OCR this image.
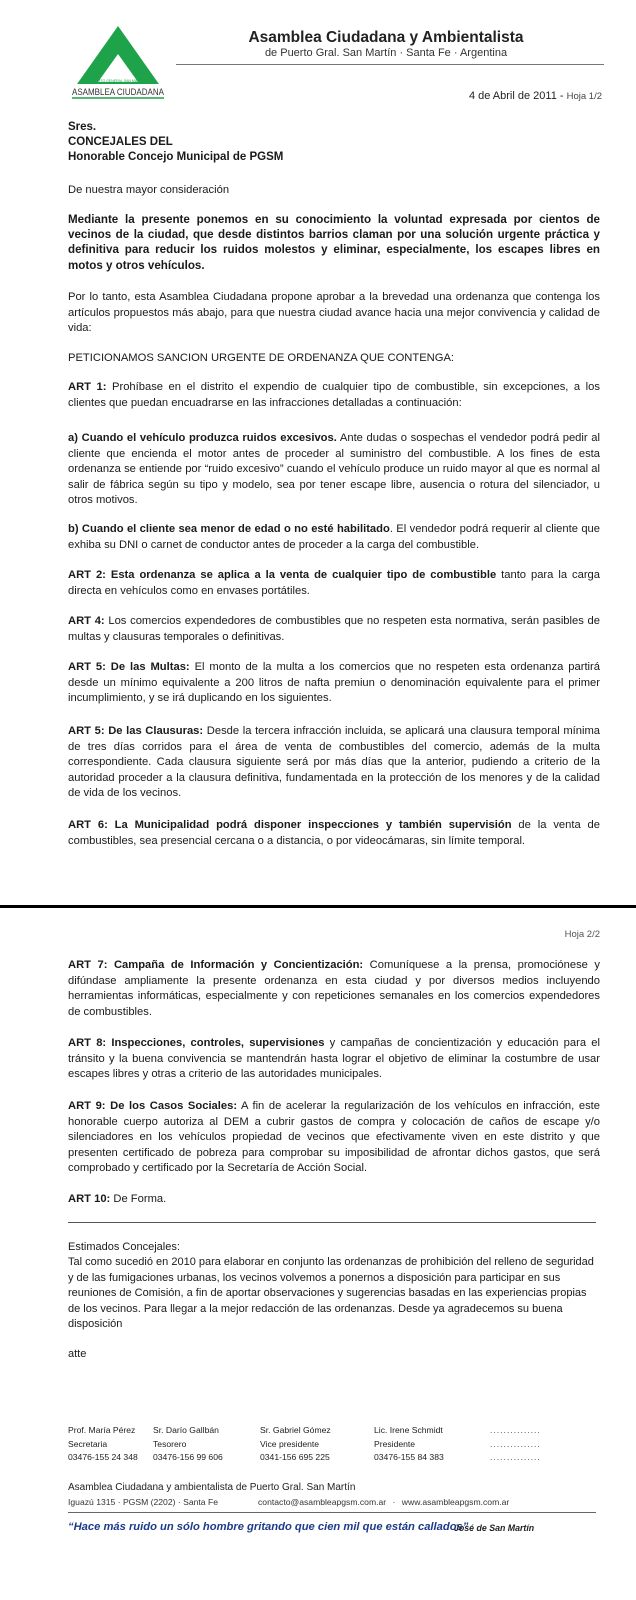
PUERTO GENERAL SAN MARTIN
ASAMBLEA CIUDADANA
Asamblea Ciudadana y Ambientalista
de Puerto Gral. San Martín · Santa Fe · Argentina
4 de Abril de 2011 - Hoja 1/2
Sres.
CONCEJALES DEL
Honorable Concejo Municipal de PGSM
De nuestra mayor consideración
Mediante la presente ponemos en su conocimiento la voluntad expresada por cientos de vecinos de la ciudad, que desde distintos barrios claman por una solución urgente práctica y definitiva para reducir los ruidos molestos y eliminar, especialmente, los escapes libres en motos y otros vehículos.
Por lo tanto, esta Asamblea Ciudadana propone aprobar a la brevedad una ordenanza que contenga los artículos propuestos más abajo, para que nuestra ciudad avance hacia una mejor convivencia y calidad de vida:
PETICIONAMOS SANCION URGENTE DE ORDENANZA QUE CONTENGA:
ART 1: Prohíbase en el distrito el expendio de cualquier tipo de combustible, sin excepciones, a los clientes que puedan encuadrarse en las infracciones detalladas a continuación:
a) Cuando el vehículo produzca ruidos excesivos. Ante dudas o sospechas el vendedor podrá pedir al cliente que encienda el motor antes de proceder al suministro del combustible. A los fines de esta ordenanza se entiende por “ruido excesivo” cuando el vehículo produce un ruido mayor al que es normal al salir de fábrica según su tipo y modelo, sea por tener escape libre, ausencia o rotura del silenciador, u otros motivos.
b) Cuando el cliente sea menor de edad o no esté habilitado. El vendedor podrá requerir al cliente que exhiba su DNI o carnet de conductor antes de proceder a la carga del combustible.
ART 2: Esta ordenanza se aplica a la venta de cualquier tipo de combustible tanto para la carga directa en vehículos como en envases portátiles.
ART 4: Los comercios expendedores de combustibles que no respeten esta normativa, serán pasibles de multas y clausuras temporales o definitivas.
ART 5: De las Multas: El monto de la multa a los comercios que no respeten esta ordenanza partirá desde un mínimo equivalente a 200 litros de nafta premiun o denominación equivalente para el primer incumplimiento, y se irá duplicando en los siguientes.
ART 5: De las Clausuras: Desde la tercera infracción incluida, se aplicará una clausura temporal mínima de tres días corridos para el área de venta de combustibles del comercio, además de la multa correspondiente. Cada clausura siguiente será por más días que la anterior, pudiendo a criterio de la autoridad proceder a la clausura definitiva, fundamentada en la protección de los menores y de la calidad de vida de los vecinos.
ART 6: La Municipalidad podrá disponer inspecciones y también supervisión de la venta de combustibles, sea presencial cercana o a distancia, o por videocámaras, sin límite temporal.
Hoja 2/2
ART 7: Campaña de Información y Concientización: Comuníquese a la prensa, promociónese y difúndase ampliamente la presente ordenanza en esta ciudad y por diversos medios incluyendo herramientas informáticas, especialmente y con repeticiones semanales en los comercios expendedores de combustibles.
ART 8: Inspecciones, controles, supervisiones y campañas de concientización y educación para el tránsito y la buena convivencia se mantendrán hasta lograr el objetivo de eliminar la costumbre de usar escapes libres y otras a criterio de las autoridades municipales.
ART 9: De los Casos Sociales: A fin de acelerar la regularización de los vehículos en infracción, este honorable cuerpo autoriza al DEM a cubrir gastos de compra y colocación de caños de escape y/o silenciadores en los vehículos propiedad de vecinos que efectivamente viven en este distrito y que presenten certificado de pobreza para comprobar su imposibilidad de afrontar dichos gastos, que será comprobado y certificado por la Secretaría de Acción Social.
ART 10: De Forma.
Estimados Concejales:
Tal como sucedió en 2010 para elaborar en conjunto las ordenanzas de prohibición del relleno de seguridad y de las fumigaciones urbanas, los vecinos volvemos a ponernos a disposición para participar en sus reuniones de Comisión, a fin de aportar observaciones y sugerencias basadas en las experiencias propias de los vecinos. Para llegar a la mejor redacción de las ordenanzas. Desde ya agradecemos su buena disposición
atte
Prof. María Pérez
Secretaria
03476-155 24 348
Sr. Darío Gallbán
Tesorero
03476-156 99 606
Sr. Gabriel Gómez
Vice presidente
0341-156 695 225
Lic. Irene Schmidt
Presidente
03476-155 84 383
...............
...............
...............
Asamblea Ciudadana y ambientalista de Puerto Gral. San Martín
Iguazú 1315 · PGSM (2202) · Santa Fe	contacto@asambleapgsm.com.ar · www.asambleapgsm.com.ar
“Hace más ruido un sólo hombre gritando que cien mil que están callados”
José de San Martín
